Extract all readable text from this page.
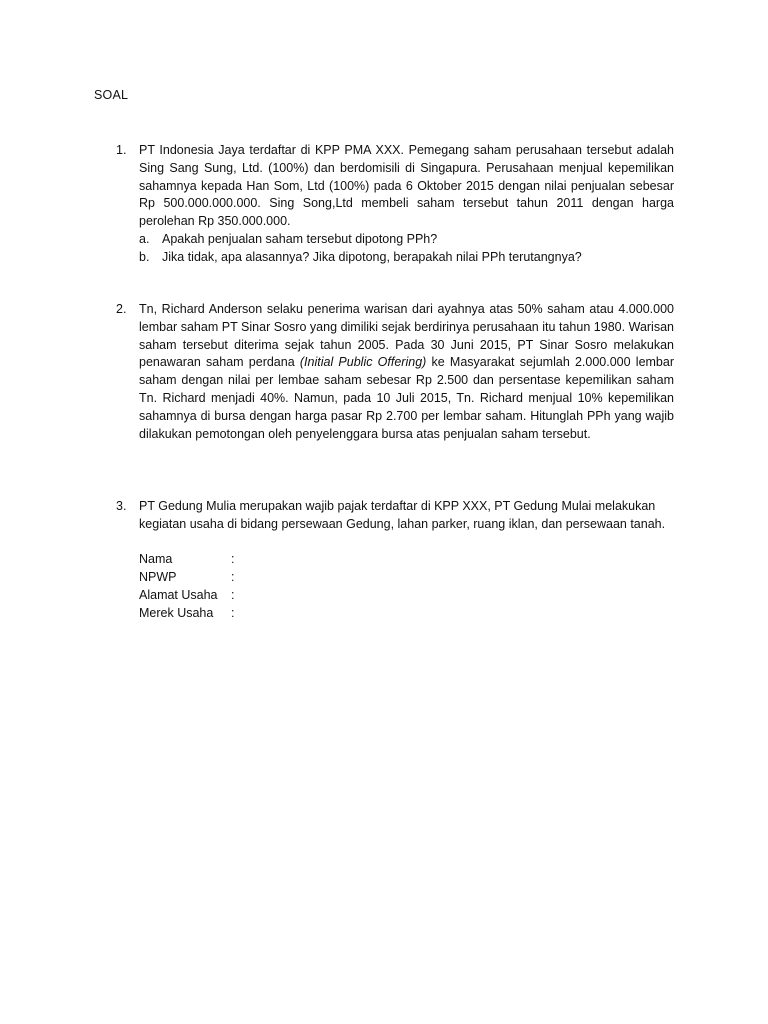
SOAL
1. PT Indonesia Jaya terdaftar di KPP PMA XXX. Pemegang saham perusahaan tersebut adalah Sing Sang Sung, Ltd. (100%) dan berdomisili di Singapura. Perusahaan menjual kepemilikan sahamnya kepada Han Som, Ltd (100%) pada 6 Oktober 2015 dengan nilai penjualan sebesar Rp 500.000.000.000. Sing Song,Ltd membeli saham tersebut tahun 2011 dengan harga perolehan Rp 350.000.000.

a. Apakah penjualan saham tersebut dipotong PPh?
b. Jika tidak, apa alasannya? Jika dipotong, berapakah nilai PPh terutangnya?
2. Tn, Richard Anderson selaku penerima warisan dari ayahnya atas 50% saham atau 4.000.000 lembar saham PT Sinar Sosro yang dimiliki sejak berdirinya perusahaan itu tahun 1980. Warisan saham tersebut diterima sejak tahun 2005. Pada 30 Juni 2015, PT Sinar Sosro melakukan penawaran saham perdana (Initial Public Offering) ke Masyarakat sejumlah 2.000.000 lembar saham dengan nilai per lembae saham sebesar Rp 2.500 dan persentase kepemilikan saham Tn. Richard menjadi 40%. Namun, pada 10 Juli 2015, Tn. Richard menjual 10% kepemilikan sahamnya di bursa dengan harga pasar Rp 2.700 per lembar saham. Hitunglah PPh yang wajib dilakukan pemotongan oleh penyelenggara bursa atas penjualan saham tersebut.

3. PT Gedung Mulia merupakan wajib pajak terdaftar di KPP XXX, PT Gedung Mulai melakukan kegiatan usaha di bidang persewaan Gedung, lahan parker, ruang iklan, dan persewaan tanah.

Nama	:
NPWP	:
Alamat Usaha :
Merek Usaha :
